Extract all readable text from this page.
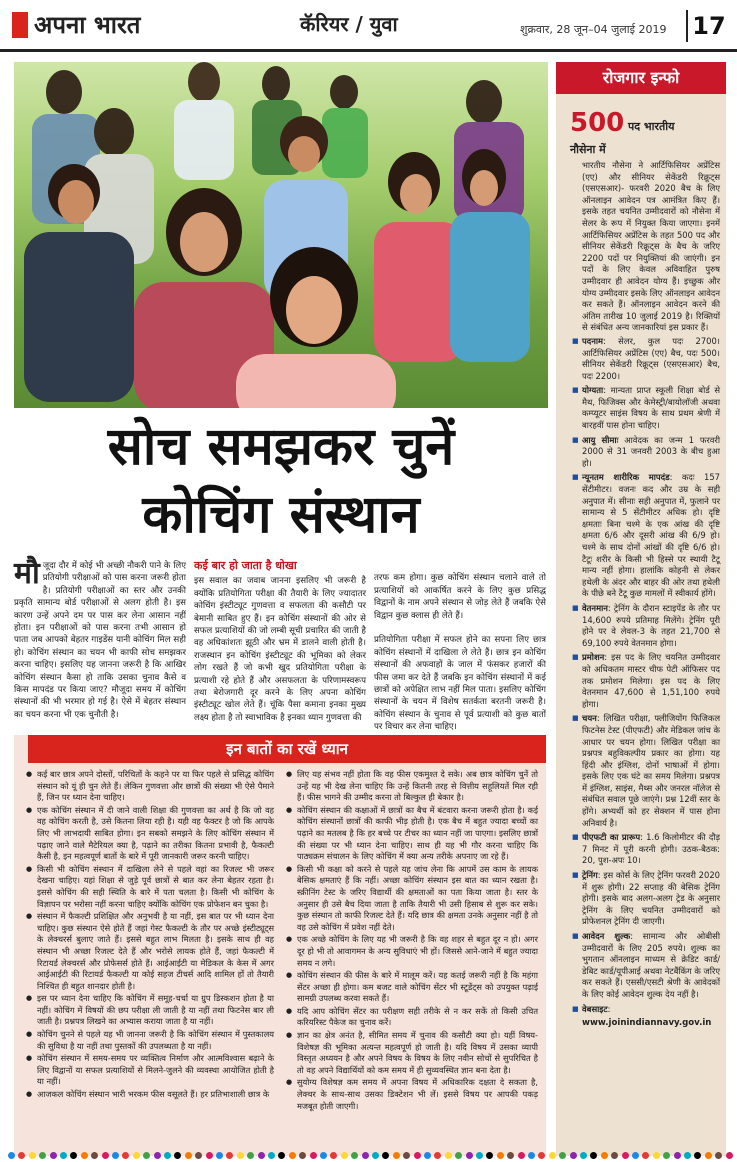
अपना भारत	कॅरियर / युवा	शुक्रवार, 28 जून–04 जुलाई 2019 17
सोच समझकर चुनें
कोचिंग संस्थान
मौ जूदा दौर में कोई भी अच्छी नौकरी पाने के लिए प्रतियोगी परीक्षाओं को पास करना जरूरी होता है। प्रतियोगी परीक्षाओं का स्तर और उनकी प्रकृति सामान्य बोर्ड परीक्षाओं से अलग होती है। इस कारण उन्हें अपने दम पर पास कर लेना आसान नहीं होता। इन परीक्षाओं को पास करना तभी आसान हो पाता जब आपको बेहतर गाइडेंस यानी कोचिंग मिल सही हो। कोचिंग संस्थान का चयन भी काफी सोच समझकर करना चाहिए। इसलिए यह जानना जरूरी है कि आखिर कोचिंग संस्थान कैसा हो ताकि उसका चुनाव कैसे व किस मापदंड पर किया जाए? मौजूदा समय में कोचिंग संस्थानों की भी भरमार हो गई है। ऐसे में बेहतर संस्थान का चयन करना भी एक चुनौती है।
कई बार हो जाता है धोखा
इस सवाल का जवाब जानना इसलिए भी जरूरी है क्योंकि प्रतियोगिता परीक्षा की तैयारी के लिए ज्यादातर कोचिंग इंस्टीट्यूट गुणवत्ता व सफलता की कसौटी पर बेमानी साबित हुए हैं। इन कोचिंग संस्थानों की ओर से सफल प्रत्याशियों की जो लम्बी सूची प्रचारित की जाती है वह अधिकांशतः झूठी और भ्रम में डालने वाली होती है। राजस्थान इन कोचिंग इंस्टीट्यूट की भूमिका को लेकर लोग रखते हैं जो कभी खुद प्रतियोगिता परीक्षा के प्रत्याशी रहे होते हैं और असफलता के परिणामस्वरूप तथा बेरोजगारी दूर करने के लिए अपना कोचिंग इंस्टीट्यूट खोल लेते हैं। चूंकि पैसा कमाना इनका मुख्य लक्ष्य होता है तो स्वाभाविक है इनका ध्यान गुणवत्ता की

तरफ कम होगा। कुछ कोचिंग संस्थान चलाने वाले तो प्रत्याशियों को आकर्षित करने के लिए कुछ प्रसिद्ध विद्वानों के नाम अपने संस्थान से जोड़ लेते हैं जबकि ऐसे विद्वान कुछ क्लास ही लेते हैं।

प्रतियोगिता परीक्षा में सफल होने का सपना लिए छात्र कोचिंग संस्थानों में दाखिला ले लेते हैं। छात्र इन कोचिंग संस्थानों की अफवाहों के जाल में फंसकर हजारों की फीस जमा कर देते हैं जबकि इन कोचिंग संस्थानों में कई छात्रों को अपेक्षित लाभ नहीं मिल पाता। इसलिए कोचिंग संस्थानों के चयन में विशेष सतर्कता बरतनी जरूरी है। कोचिंग संस्थान के चुनाव से पूर्व प्रत्याशी को कुछ बातों पर विचार कर लेना चाहिए।

इन बातों का रखें ध्यान
● कई बार छात्र अपने दोस्तों, परिचितों के कहने पर या फिर पहले से प्रसिद्ध कोचिंग संस्थान को यूं ही चुन लेते हैं। लेकिन गुणवत्ता और छात्रों की संख्या भी ऐसे पैमाने हैं, जिन पर ध्यान देना चाहिए।
● एक कोचिंग संस्थान में दी जाने वाली शिक्षा की गुणवत्ता का अर्थ है कि जो वह वह कोचिंग करती है, उसे कितना लिया रही है। यही वह फैक्टर है जो कि आपके लिए भी लाभदायी साबित होगा। इन सबको समझने के लिए कोचिंग संस्थान में पढ़ाए जाने वाले मैटेरियल क्या है, पढ़ाने का तरीका कितना प्रभावी है, फैकल्टी कैसी है, इन महत्वपूर्ण बातों के बारे में पूरी जानकारी जरूर करनी चाहिए।
● किसी भी कोचिंग संस्थान में दाखिला लेने से पहले वहां का रिजल्ट भी जरूर देखना चाहिए। यहां शिक्षा से जुड़े पूर्व छात्रों से बात कर लेना बेहतर रहता है। इससे कोचिंग की सही स्थिति के बारे में पता चलता है। किसी भी कोचिंग के विज्ञापन पर भरोसा नहीं करना चाहिए क्योंकि कोचिंग एक प्रोफेशन बन चुका है।
● संस्थान में फैकल्टी प्रशिक्षित और अनुभवी है या नहीं, इस बात पर भी ध्यान देना चाहिए। कुछ संस्थान ऐसे होते हैं जहां गेस्ट फैकल्टी के तौर पर अच्छे इंस्टीट्यूट्स के लेक्चरर्स बुलाए जाते हैं। इससे बहुत लाभ मिलता है। इसके साथ ही वह संस्थान भी अच्छा रिजल्ट देते हैं और भरोसे लायक होते हैं, जहां फैकल्टी में रिटायर्ड लेक्चरर्स और प्रोफेसर्स होते हैं। आईआईटी या मेडिकल के केस में अगर आईआईटी की रिटायर्ड फैकल्टी या कोई सहज टीचर्स आदि शामिल हों तो तैयारी निश्चित ही बहुत शानदार होती है।
● इस पर ध्यान देना चाहिए कि कोचिंग में समूह-चर्चा या ग्रुप डिस्कशन होता है या नहीं। कोचिंग में विषयों की छप परीक्षा ली जाती है या नहीं तथा फिटनेस बार ली जाती है। प्रश्नपत्र लिखने का अभ्यास कराया जाता है या नहीं।
● कोचिंग चुनने से पहले यह भी जानना जरूरी है कि कोचिंग संस्थान में पुस्तकालय की सुविधा है या नहीं तथा पुस्तकों की उपलब्धता है या नहीं।
● कोचिंग संस्थान में समय-समय पर व्यक्तित्व निर्माण और आत्मविश्वास बढ़ाने के लिए विद्वानों या सफल प्रत्याशियों से मिलने-जुलने की व्यवस्था आयोजित होती है या नहीं।
● आजकल कोचिंग संस्थान भारी भरकम फीस वसूलते हैं। हर प्रतिभाशाली छात्र के
● लिए यह संभव नहीं होता कि वह फीस एकमुश्त दे सके। अब छात्र कोचिंग चुनें तो उन्हें यह भी देख लेना चाहिए कि उन्हें कितनी तरह से वित्तीय सहूलियतें मिल रही हैं। फीस भागने की उम्मीद करना तो बिल्कुल ही बेकार है।
● कोचिंग संस्थान की कक्षाओं में छात्रों का बैच में बंटवारा करना जरूरी होता है। कई कोचिंग संस्थानों छात्रों की काफी भीड़ होती है। एक बैच में बहुत ज्यादा बच्चों का पढ़ाने का मतलब है कि हर बच्चे पर टीचर का ध्यान नहीं जा पाएगा। इसलिए छात्रों की संख्या पर भी ध्यान देना चाहिए। साथ ही यह भी गौर करना चाहिए कि पाठ्यक्रम संचालन के लिए कोचिंग में क्या अन्य तरीके अपनाए जा रहे हैं।
● किसी भी कक्षा को करने से पहले यह जांच लेना कि आपमें उस काम के लायक बेसिक क्षमताएं हैं कि नहीं। अच्छा कोचिंग संस्थान इस बात का ध्यान रखता है। स्क्रीनिंग टेस्ट के जरिए विद्यार्थी की क्षमताओं का पता किया जाता है। स्तर के अनुसार ही उसे बैच दिया जाता है ताकि तैयारी भी उसी हिसाब से शुरू कर सके। कुछ संस्थान तो काफी रिजल्ट देते हैं। यदि छात्र की क्षमता उनके अनुसार नहीं है तो वह उसे कोचिंग में प्रवेश नहीं देते।
● एक अच्छे कोचिंग के लिए यह भी जरूरी है कि वह शहर से बहुत दूर न हो। अगर दूर हो भी तो आवागमन के अन्य सुविधाएं भी हों। जिससे आने-जाने में बहुत ज्यादा समय न लगे।
● कोचिंग संस्थान की फीस के बारे में मालूम करें। यह कतई जरूरी नहीं है कि महंगा सेंटर अच्छा ही होगा। कम बजट वाले कोचिंग सेंटर भी स्टूडेंट्स को उपयुक्त पढ़ाई सामग्री उपलब्ध करवा सकते हैं।
● यदि आप कोचिंग सेंटर का परीक्षण सही तरीके से न कर सकें तो किसी उचित करियरिस्ट पैकेज का चुनाव करें।
● ज्ञान का क्षेत्र अनंत है, सीमित समय में चुनाव की कसौटी क्या हो। यहीं विषय-विशेषज्ञ की भूमिका अत्यन्त महत्वपूर्ण हो जाती है। यदि विषय में उसका व्यापी विस्तृत अध्ययन है और अपने विषय के विषय के लिए नवीन सोचों से सुपरिचित है तो वह अपने विद्यार्थियों को कम समय में ही सुव्यवस्थित ज्ञान बना देता है।
● सुयोग्य विशेषज्ञ कम समय में अपना विषय में अधिकारिक दक्षता दे सकता है, लेक्चर के साथ-साथ उसका डिक्टेशन भी लें। इससे विषय पर आपकी पकड़ मजबूत होती जाएगी।
रोजगार इन्फो
500 पद भारतीय
नौसेना में

भारतीय नौसेना ने आर्टिफिसियर अप्रेंटिस (एए) और सीनियर सेकेंडरी रिक्रूट्स (एसएसआर)- फरवरी 2020 बैच के लिए ऑनलाइन आवेदन पत्र आमंत्रित किए हैं। इसके तहत चयनित उम्मीदवारों को नौसेना में सेलर के रूप में नियुक्त किया जाएगा। इनमें आर्टिफिसियर अप्रेंटिस के तहत 500 पद और सीनियर सेकेंडरी रिक्रूट्स के बैच के जरिए 2200 पदों पर नियुक्तियां की जाएंगी। इन पदों के लिए केवल अविवाहित पुरुष उम्मीदवार ही आवेदन योग्य हैं। इच्छुक और योग्य उम्मीदवार इसके लिए ऑनलाइन आवेदन कर सकते हैं। ऑनलाइन आवेदन करने की अंतिम तारीख 10 जुलाई 2019 है। रिक्तियों से संबंधित अन्य जानकारियां इस प्रकार हैं।

■ पदनाम: सेलर, कुल पदः 2700। आर्टिफिसियर अप्रेंटिस (एए) बैच, पदः 500। सीनियर सेकेंडरी रिक्रूट्स (एसएसआर) बैच, पदः 2200।
■ योग्यता: मान्यता प्राप्त स्कूली शिक्षा बोर्ड से मैथ, फिजिक्स और केमेस्ट्री/बायोलॉजी अथवा कम्प्यूटर साइंस विषय के साथ प्रथम श्रेणी में बारहवीं पास होना चाहिए।
■ आयु सीमाः आवेदक का जन्म 1 फरवरी 2000 से 31 जनवरी 2003 के बीच हुआ हो।
■ न्यूनतम शारीरिक मापदंड: कदः 157 सेंटीमीटर। वजनः कद और उम्र के सही अनुपात में। सीनाः सही अनुपात में, फुलाने पर सामान्य से 5 सेंटीमीटर अधिक हो। दृष्टि क्षमताः बिना चश्मे के एक आंख की दृष्टि क्षमता 6/6 और दूसरी आंख की 6/9 हो। चश्मे के साथ दोनों आंखों की दृष्टि 6/6 हो। टैटूः शरीर के किसी भी हिस्से पर स्थायी टैटू मान्य नहीं होगा। हालांकि कोहनी से लेकर हथेली के अंदर और बाहर की ओर तथा हथेली के पीछे बने टैटू कुछ मामलों में स्वीकार्य होंगे।
■ वेतनमान: ट्रेनिंग के दौरान स्टाइपेंड के तौर पर 14,600 रुपये प्रतिमाह मिलेंगे। ट्रेनिंग पूरी होने पर वे लेवल-3 के तहत 21,700 से 69,100 रुपये वेतनमान होगा।
■ प्रमोशन: इस पद के लिए चयनित उम्मीदवार को अधिकतम मास्टर चीफ पेटी ऑफिसर पद तक प्रमोशन मिलेगा। इस पद के लिए वेतनमान 47,600 से 1,51,100 रुपये होगा।
■ चयन: लिखित परीक्षा, फ्लीजियोंग फिजिकल फिटनेस टेस्ट (पीएफटी) और मेडिकल जांच के आधार पर चयन होगा। लिखित परीक्षा का प्रश्नपत्र बहुविकल्पीय प्रकार का होगा। यह हिंदी और इंग्लिश, दोनों भाषाओं में होगा। इसके लिए एक घंटे का समय मिलेगा। प्रश्नपत्र में इंग्लिश, साइंस, मैथ्स और जनरल नॉलेज से संबंधित सवाल पूछे जाएंगे। प्रश्न 12वीं स्तर के होंगे। अभ्यर्थी को हर सेक्शन में पास होना अनिवार्य है।
■ पीएफटी का प्रारूप: 1.6 किलोमीटर की दौड़ 7 मिनट में पूरी करनी होगी। उठक-बैठक: 20, पुश-अपः 10।
■ ट्रेनिंग: इस कोर्स के लिए ट्रेनिंग फरवरी 2020 में शुरू होगी। 22 सप्ताह की बेसिक ट्रेनिंग होगी। इसके बाद अलग-अलग ट्रेड के अनुसार ट्रेनिंग के लिए चयनित उम्मीदवारों को प्रोफेशनल ट्रेनिंग दी जाएगी।
■ आवेदन शुल्क: सामान्य और ओबीसी उम्मीदवारों के लिए 205 रुपये। शुल्क का भुगतान ऑनलाइन माध्यम से क्रेडिट कार्ड/डेबिट कार्ड/यूपीआई अथवा नेटबैंकिंग के जरिए कर सकते हैं। एससी/एसटी श्रेणी के आवेदकों के लिए कोई आवेदन शुल्क देय नहीं है।
■ वेबसाइट:
www.joinindiannavy.gov.in
